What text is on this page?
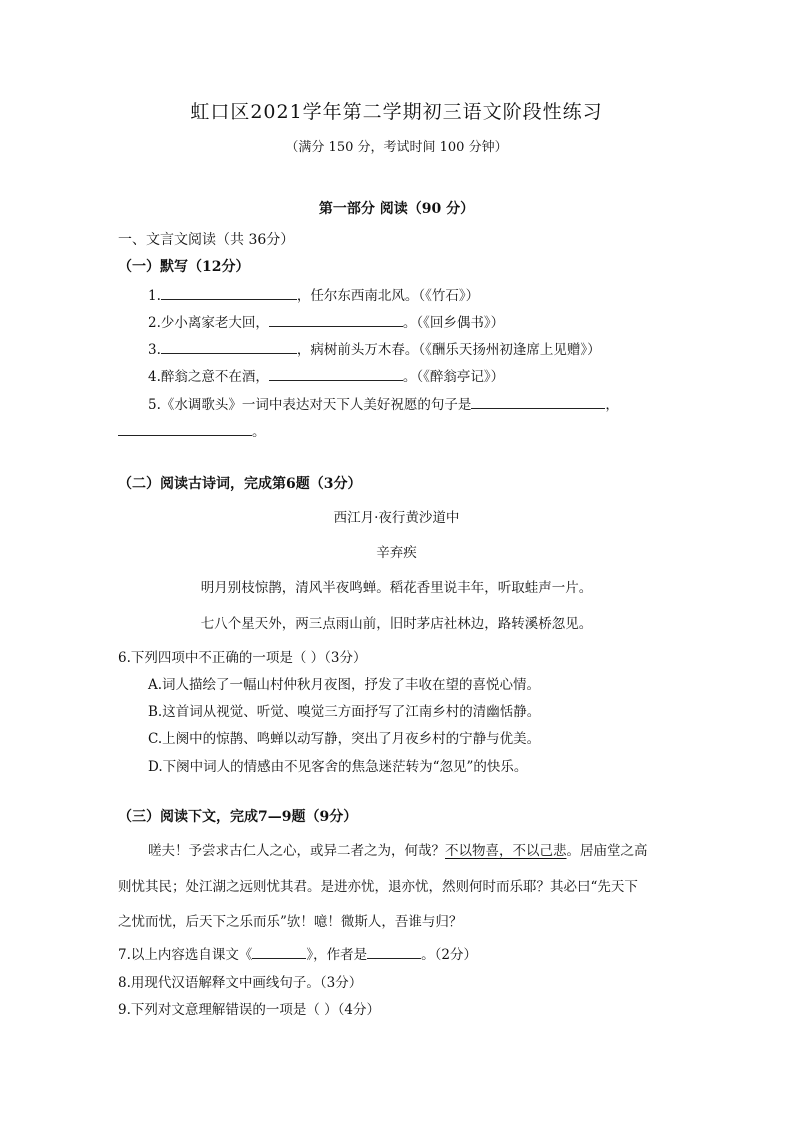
虹口区2021学年第二学期初三语文阶段性练习
（满分 150 分，考试时间 100 分钟）
第一部分 阅读（90 分）
一、文言文阅读（共 36分）
（一）默写（12分）
1.	，任尔东西南北风。（《竹石》）
2.少小离家老大回，	。（《回乡偶书》）
3.	，病树前头万木春。（《酬乐天扬州初逢席上见赠》）
4.醉翁之意不在酒，	。（《醉翁亭记》）
5.《水调歌头》一词中表达对天下人美好祝愿的句子是	，
。
（二）阅读古诗词，完成第6题（3分）
西江月·夜行黄沙道中
辛弃疾
明月别枝惊鹊，清风半夜鸣蝉。稻花香里说丰年，听取蛙声一片。
七八个星天外，两三点雨山前，旧时茅店社林边，路转溪桥忽见。
6.下列四项中不正确的一项是（ ）（3分）
A.词人描绘了一幅山村仲秋月夜图，抒发了丰收在望的喜悦心情。
B.这首词从视觉、听觉、嗅觉三方面抒写了江南乡村的清幽恬静。
C.上阕中的惊鹊、鸣蝉以动写静，突出了月夜乡村的宁静与优美。
D.下阕中词人的情感由不见客舍的焦急迷茫转为“忽见”的快乐。
（三）阅读下文，完成7—9题（9分）
嗟夫！予尝求古仁人之心，或异二者之为，何哉？不以物喜，不以己悲。居庙堂之高
则忧其民；处江湖之远则忧其君。是进亦忧，退亦忧，然则何时而乐耶？其必曰“先天下
之忧而忧，后天下之乐而乐”欤！噫！微斯人，吾谁与归？
7.以上内容选自课文《	》，作者是	。（2分）
8.用现代汉语解释文中画线句子。（3分）
9.下列对文意理解错误的一项是（ ）（4分）
